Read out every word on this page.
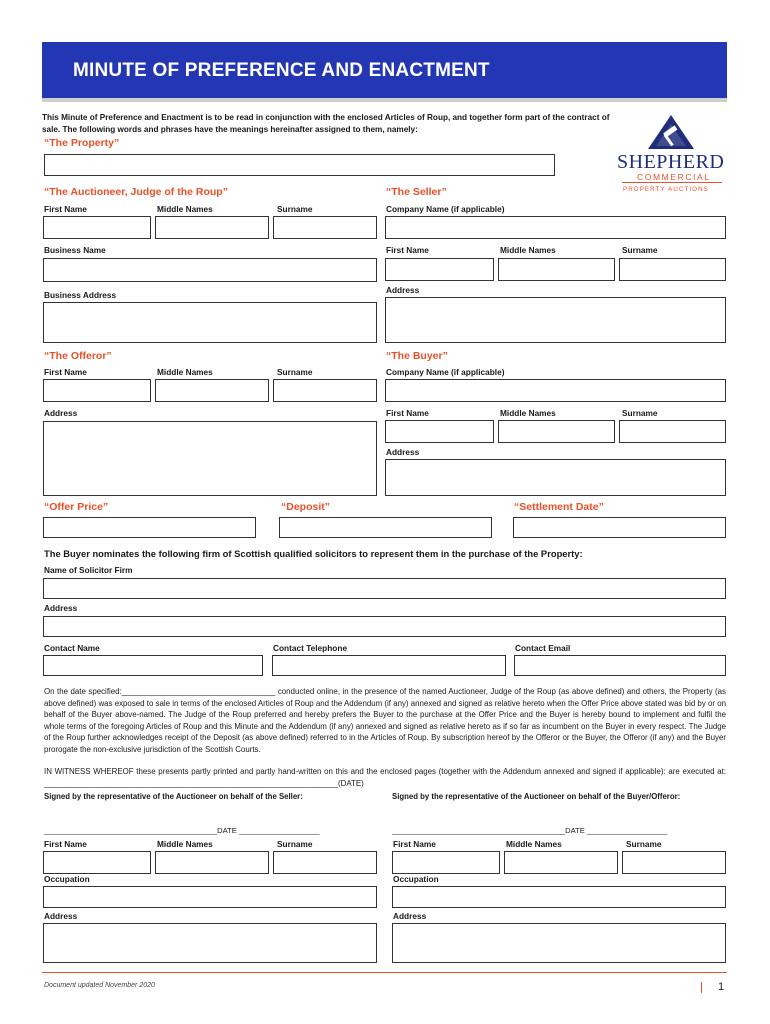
MINUTE OF PREFERENCE AND ENACTMENT
This Minute of Preference and Enactment is to be read in conjunction with the enclosed Articles of Roup, and together form part of the contract of sale. The following words and phrases have the meanings hereinafter assigned to them, namely:
SHEPHERD
COMMERCIAL
PROPERTY AUCTIONS
“The Property”
“The Auctioneer, Judge of the Roup”
First Name	Middle Names	Surname
Business Name
Business Address
“The Seller”
Company Name (if applicable)
First Name	Middle Names	Surname
Address
“The Offeror”
First Name	Middle Names	Surname
Address
“The Buyer”
Company Name (if applicable)
First Name	Middle Names	Surname
Address
“Offer Price”	“Deposit”	“Settlement Date”
The Buyer nominates the following firm of Scottish qualified solicitors to represent them in the purchase of the Property:
Name of Solicitor Firm
Address
Contact Name	Contact Telephone	Contact Email
On the date specified:___________________________________ conducted online, in the presence of the named Auctioneer, Judge of the Roup (as above defined) and others, the Property (as above defined) was exposed to sale in terms of the enclosed Articles of Roup and the Addendum (if any) annexed and signed as relative hereto when the Offer Price above stated was bid by or on behalf of the Buyer above-named. The Judge of the Roup preferred and hereby prefers the Buyer to the purchase at the Offer Price and the Buyer is hereby bound to implement and fulfil the whole terms of the foregoing Articles of Roup and this Minute and the Addendum (if any) annexed and signed as relative hereto as if so far as incumbent on the Buyer in every respect. The Judge of the Roup further acknowledges receipt of the Deposit (as above defined) referred to in the Articles of Roup. By subscription hereof by the Offeror or the Buyer, the Offeror (if any) and the Buyer prorogate the non-exclusive jurisdiction of the Scottish Courts.
IN WITNESS WHEREOF these presents partly printed and partly hand-written on this and the enclosed pages (together with the Addendum annexed and signed if applicable): are executed at: ___________________________________________________________________(DATE)
Signed by the representative of the Auctioneer on behalf of the Seller:	Signed by the representative of the Auctioneer on behalf of the Buyer/Offeror:
_________________________________________DATE ___________________	_________________________________________DATE ___________________
First Name	Middle Names	Surname
Occupation
Address
First Name	Middle Names	Surname
Occupation
Address
Document updated November 2020	1
